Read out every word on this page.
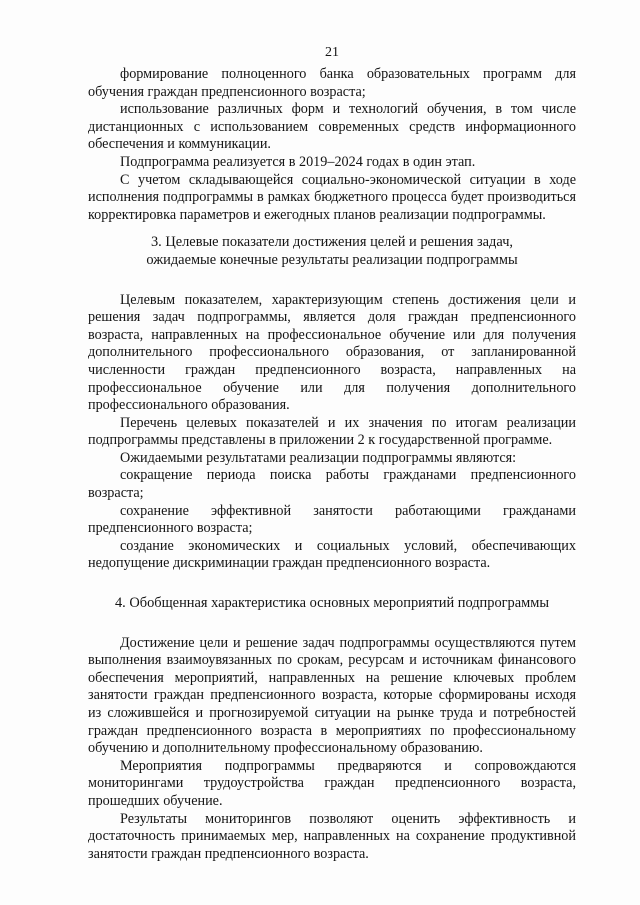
21

формирование полноценного банка образовательных программ для обучения граждан предпенсионного возраста;

использование различных форм и технологий обучения, в том числе дистанционных с использованием современных средств информационного обеспечения и коммуникации.

Подпрограмма реализуется в 2019–2024 годах в один этап.

С учетом складывающейся социально-экономической ситуации в ходе исполнения подпрограммы в рамках бюджетного процесса будет производиться корректировка параметров и ежегодных планов реализации подпрограммы.

3. Целевые показатели достижения целей и решения задач,
ожидаемые конечные результаты реализации подпрограммы

Целевым показателем, характеризующим степень достижения цели и решения задач подпрограммы, является доля граждан предпенсионного возраста, направленных на профессиональное обучение или для получения дополнительного профессионального образования, от запланированной численности граждан предпенсионного возраста, направленных на профессиональное обучение или для получения дополнительного профессионального образования.

Перечень целевых показателей и их значения по итогам реализации подпрограммы представлены в приложении 2 к государственной программе.

Ожидаемыми результатами реализации подпрограммы являются:

сокращение периода поиска работы гражданами предпенсионного возраста;

сохранение эффективной занятости работающими гражданами предпенсионного возраста;

создание экономических и социальных условий, обеспечивающих недопущение дискриминации граждан предпенсионного возраста.

4. Обобщенная характеристика основных мероприятий подпрограммы

Достижение цели и решение задач подпрограммы осуществляются путем выполнения взаимоувязанных по срокам, ресурсам и источникам финансового обеспечения мероприятий, направленных на решение ключевых проблем занятости граждан предпенсионного возраста, которые сформированы исходя из сложившейся и прогнозируемой ситуации на рынке труда и потребностей граждан предпенсионного возраста в мероприятиях по профессиональному обучению и дополнительному профессиональному образованию.

Мероприятия подпрограммы предваряются и сопровождаются мониторингами трудоустройства граждан предпенсионного возраста, прошедших обучение.

Результаты мониторингов позволяют оценить эффективность и достаточность принимаемых мер, направленных на сохранение продуктивной занятости граждан предпенсионного возраста.
